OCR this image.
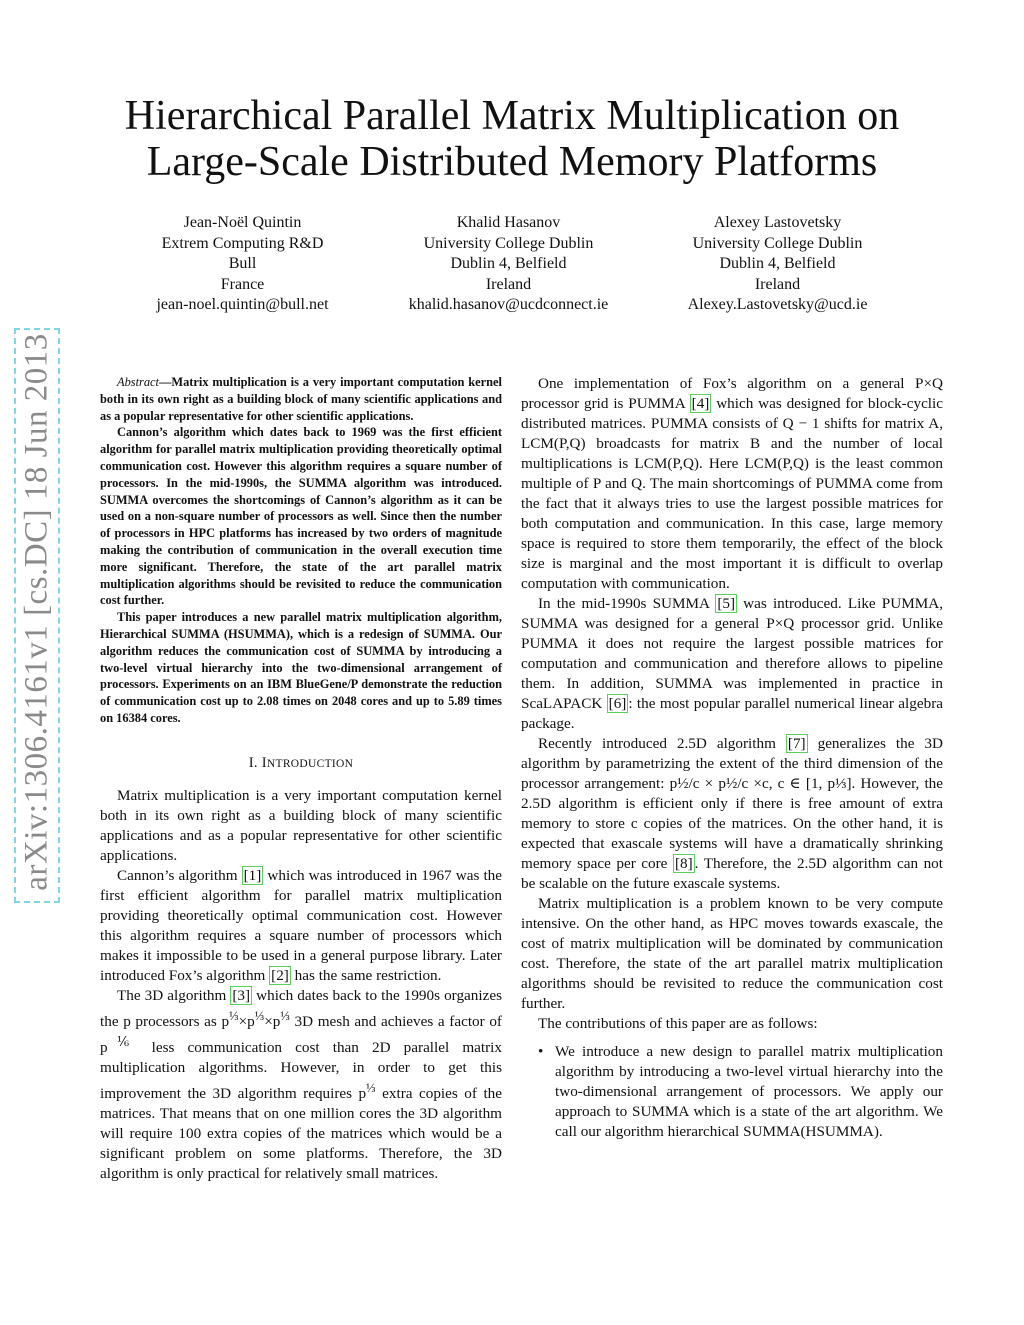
arXiv:1306.4161v1 [cs.DC] 18 Jun 2013
Hierarchical Parallel Matrix Multiplication on
Large-Scale Distributed Memory Platforms
Jean-Noël Quintin
Extrem Computing R&D
Bull
France
jean-noel.quintin@bull.net
Khalid Hasanov
University College Dublin
Dublin 4, Belfield
Ireland
khalid.hasanov@ucdconnect.ie
Alexey Lastovetsky
University College Dublin
Dublin 4, Belfield
Ireland
Alexey.Lastovetsky@ucd.ie

Abstract—Matrix multiplication is a very important computation kernel both in its own right as a building block of many scientific applications and as a popular representative for other scientific applications.

Cannon’s algorithm which dates back to 1969 was the first efficient algorithm for parallel matrix multiplication providing theoretically optimal communication cost. However this algorithm requires a square number of processors. In the mid-1990s, the SUMMA algorithm was introduced. SUMMA overcomes the shortcomings of Cannon’s algorithm as it can be used on a non-square number of processors as well. Since then the number of processors in HPC platforms has increased by two orders of magnitude making the contribution of communication in the overall execution time more significant. Therefore, the state of the art parallel matrix multiplication algorithms should be revisited to reduce the communication cost further.

This paper introduces a new parallel matrix multiplication algorithm, Hierarchical SUMMA (HSUMMA), which is a redesign of SUMMA. Our algorithm reduces the communication cost of SUMMA by introducing a two-level virtual hierarchy into the two-dimensional arrangement of processors. Experiments on an IBM BlueGene/P demonstrate the reduction of communication cost up to 2.08 times on 2048 cores and up to 5.89 times on 16384 cores.

I. INTRODUCTION

Matrix multiplication is a very important computation kernel both in its own right as a building block of many scientific applications and as a popular representative for other scientific applications.

Cannon’s algorithm [1] which was introduced in 1967 was the first efficient algorithm for parallel matrix multiplication providing theoretically optimal communication cost. However this algorithm requires a square number of processors which makes it impossible to be used in a general purpose library. Later introduced Fox’s algorithm [2] has the same restriction.

The 3D algorithm [3] which dates back to the 1990s organizes the p processors as $p^{\frac{1}{3}}\times p^{\frac{1}{3}}\times p^{\frac{1}{3}}$ 3D mesh and achieves a factor of $p^{\frac{1}{6}}$ less communication cost than 2D parallel matrix multiplication algorithms. However, in order to get this improvement the 3D algorithm requires $p^{\frac{1}{3}}$ extra copies of the matrices. That means that on one million cores the 3D algorithm will require 100 extra copies of the matrices which would be a significant problem on some platforms. Therefore, the 3D algorithm is only practical for relatively small matrices.

One implementation of Fox’s algorithm on a general P×Q processor grid is PUMMA [4] which was designed for block-cyclic distributed matrices. PUMMA consists of Q − 1 shifts for matrix A, LCM(P,Q) broadcasts for matrix B and the number of local multiplications is LCM(P,Q). Here LCM(P,Q) is the least common multiple of P and Q. The main shortcomings of PUMMA come from the fact that it always tries to use the largest possible matrices for both computation and communication. In this case, large memory space is required to store them temporarily, the effect of the block size is marginal and the most important it is difficult to overlap computation with communication.

In the mid-1990s SUMMA [5] was introduced. Like PUMMA, SUMMA was designed for a general P×Q processor grid. Unlike PUMMA it does not require the largest possible matrices for computation and communication and therefore allows to pipeline them. In addition, SUMMA was implemented in practice in ScaLAPACK [6] : the most popular parallel numerical linear algebra package.

Recently introduced 2.5D algorithm [7] generalizes the 3D algorithm by parametrizing the extent of the third dimension of the processor arrangement: p½/c × p½/c ×c, c ∈ [1, p⅓]. However, the 2.5D algorithm is efficient only if there is free amount of extra memory to store c copies of the matrices. On the other hand, it is expected that exascale systems will have a dramatically shrinking memory space per core [8] . Therefore, the 2.5D algorithm can not be scalable on the future exascale systems.

Matrix multiplication is a problem known to be very compute intensive. On the other hand, as HPC moves towards exascale, the cost of matrix multiplication will be dominated by communication cost. Therefore, the state of the art parallel matrix multiplication algorithms should be revisited to reduce the communication cost further.

The contributions of this paper are as follows:

• We introduce a new design to parallel matrix multiplication algorithm by introducing a two-level virtual hierarchy into the two-dimensional arrangement of processors. We apply our approach to SUMMA which is a state of the art algorithm. We call our algorithm hierarchical SUMMA(HSUMMA).
